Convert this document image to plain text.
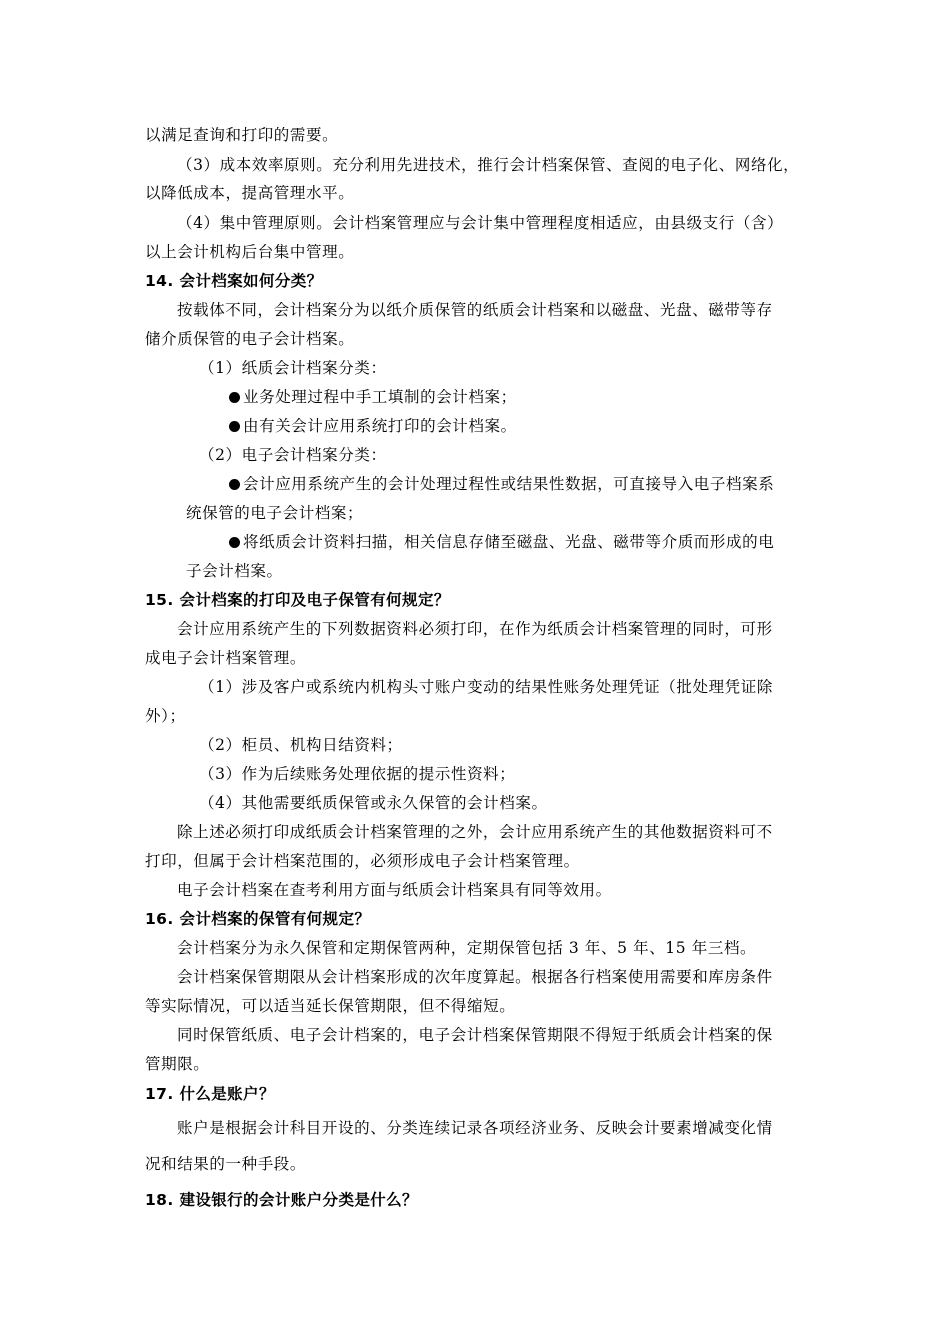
以满足查询和打印的需要。

（3）成本效率原则。充分利用先进技术，推行会计档案保管、查阅的电子化、网络化，

以降低成本，提高管理水平。

（4）集中管理原则。会计档案管理应与会计集中管理程度相适应，由县级支行（含）

以上会计机构后台集中管理。

14. 会计档案如何分类？

按载体不同，会计档案分为以纸介质保管的纸质会计档案和以磁盘、光盘、磁带等存

储介质保管的电子会计档案。

（1）纸质会计档案分类：

业务处理过程中手工填制的会计档案；

由有关会计应用系统打印的会计档案。

（2）电子会计档案分类：

会计应用系统产生的会计处理过程性或结果性数据，可直接导入电子档案系

统保管的电子会计档案；

将纸质会计资料扫描，相关信息存储至磁盘、光盘、磁带等介质而形成的电

子会计档案。

15. 会计档案的打印及电子保管有何规定？

会计应用系统产生的下列数据资料必须打印，在作为纸质会计档案管理的同时，可形

成电子会计档案管理。

（1）涉及客户或系统内机构头寸账户变动的结果性账务处理凭证（批处理凭证除

外）；

（2）柜员、机构日结资料；

（3）作为后续账务处理依据的提示性资料；

（4）其他需要纸质保管或永久保管的会计档案。

除上述必须打印成纸质会计档案管理的之外，会计应用系统产生的其他数据资料可不

打印，但属于会计档案范围的，必须形成电子会计档案管理。

电子会计档案在查考利用方面与纸质会计档案具有同等效用。

16. 会计档案的保管有何规定？

会计档案分为永久保管和定期保管两种，定期保管包括 3 年、5 年、15 年三档。

会计档案保管期限从会计档案形成的次年度算起。根据各行档案使用需要和库房条件

等实际情况，可以适当延长保管期限，但不得缩短。

同时保管纸质、电子会计档案的，电子会计档案保管期限不得短于纸质会计档案的保

管期限。

17. 什么是账户？

账户是根据会计科目开设的、分类连续记录各项经济业务、反映会计要素增减变化情

况和结果的一种手段。

18. 建设银行的会计账户分类是什么？
